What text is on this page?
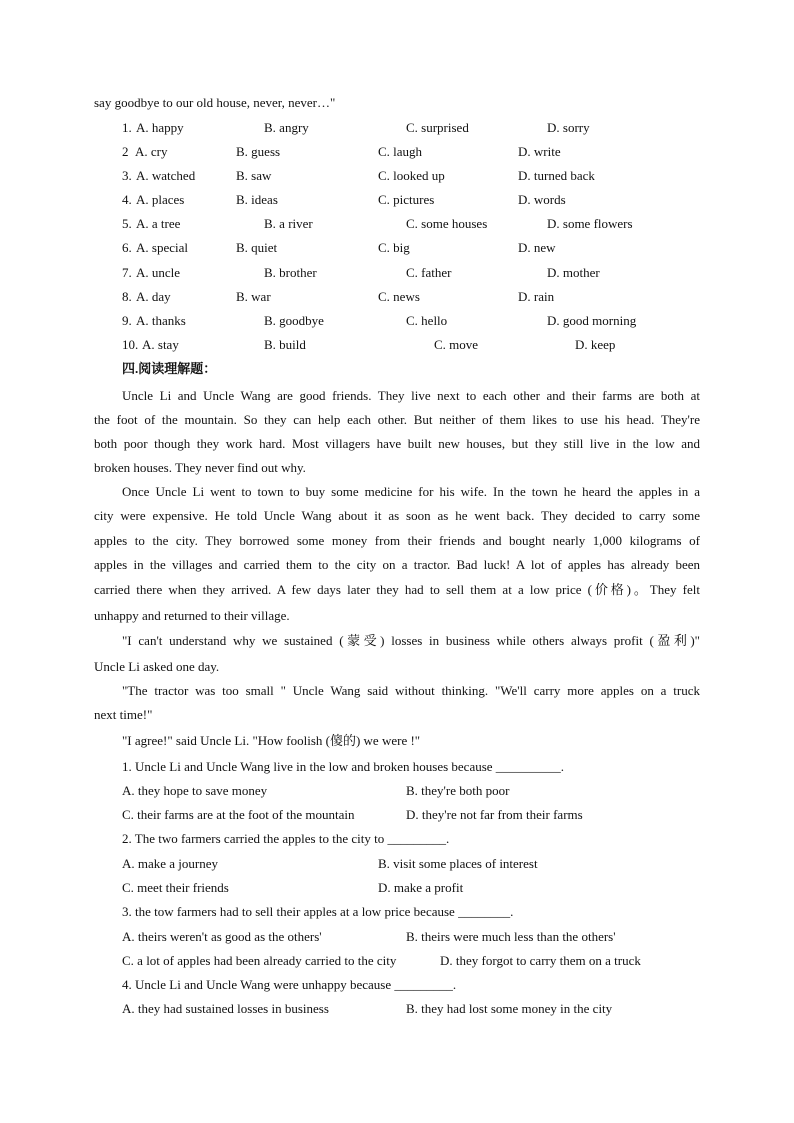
say goodbye to our old house, never, never…"
1. A. happy	B. angry	C. surprised	D. sorry
2 A. cry	B. guess	C. laugh	D. write
3. A. watched	B. saw	C. looked up	D. turned back
4. A. places	B. ideas	C. pictures	D. words
5. A. a tree	B. a river	C. some houses	D. some flowers
6. A. special	B. quiet	C. big	D. new
7. A. uncle	B. brother	C. father	D. mother
8. A. day	B. war	C. news	D. rain
9. A. thanks	B. goodbye	C. hello	D. good morning
10. A. stay	B. build	C. move	D. keep
四.阅读理解题：
Uncle Li and Uncle Wang are good friends. They live next to each other and their farms are both at
the foot of the mountain. So they can help each other. But neither of them likes to use his head. They're
both poor though they work hard. Most villagers have built new houses, but they still live in the low and
broken houses. They never find out why.
Once Uncle Li went to town to buy some medicine for his wife. In the town he heard the apples in a
city were expensive. He told Uncle Wang about it as soon as he went back. They decided to carry some
apples to the city. They borrowed some money from their friends and bought nearly 1,000 kilograms of
apples in the villages and carried them to the city on a tractor. Bad luck! A lot of apples has already been
carried there when they arrived. A few days later they had to sell them at a low price (价格)。They felt
unhappy and returned to their village.
"I can't understand why we sustained (蒙受) losses in business while others always profit (盈利)"
Uncle Li asked one day.
"The tractor was too small " Uncle Wang said without thinking. "We'll carry more apples on a truck
next time!"
"I agree!" said Uncle Li. "How foolish (傻的) we were !"
1. Uncle Li and Uncle Wang live in the low and broken houses because __________.
A. they hope to save money	B. they're both poor
C. their farms are at the foot of the mountain	D. they're not far from their farms
2. The two farmers carried the apples to the city to _________.
A. make a journey	B. visit some places of interest
C. meet their friends	D. make a profit
3. the tow farmers had to sell their apples at a low price because ________.
A. theirs weren't as good as the others'	B. theirs were much less than the others'
C. a lot of apples had been already carried to the city	D. they forgot to carry them on a truck
4. Uncle Li and Uncle Wang were unhappy because _________.
A. they had sustained losses in business	B. they had lost some money in the city
